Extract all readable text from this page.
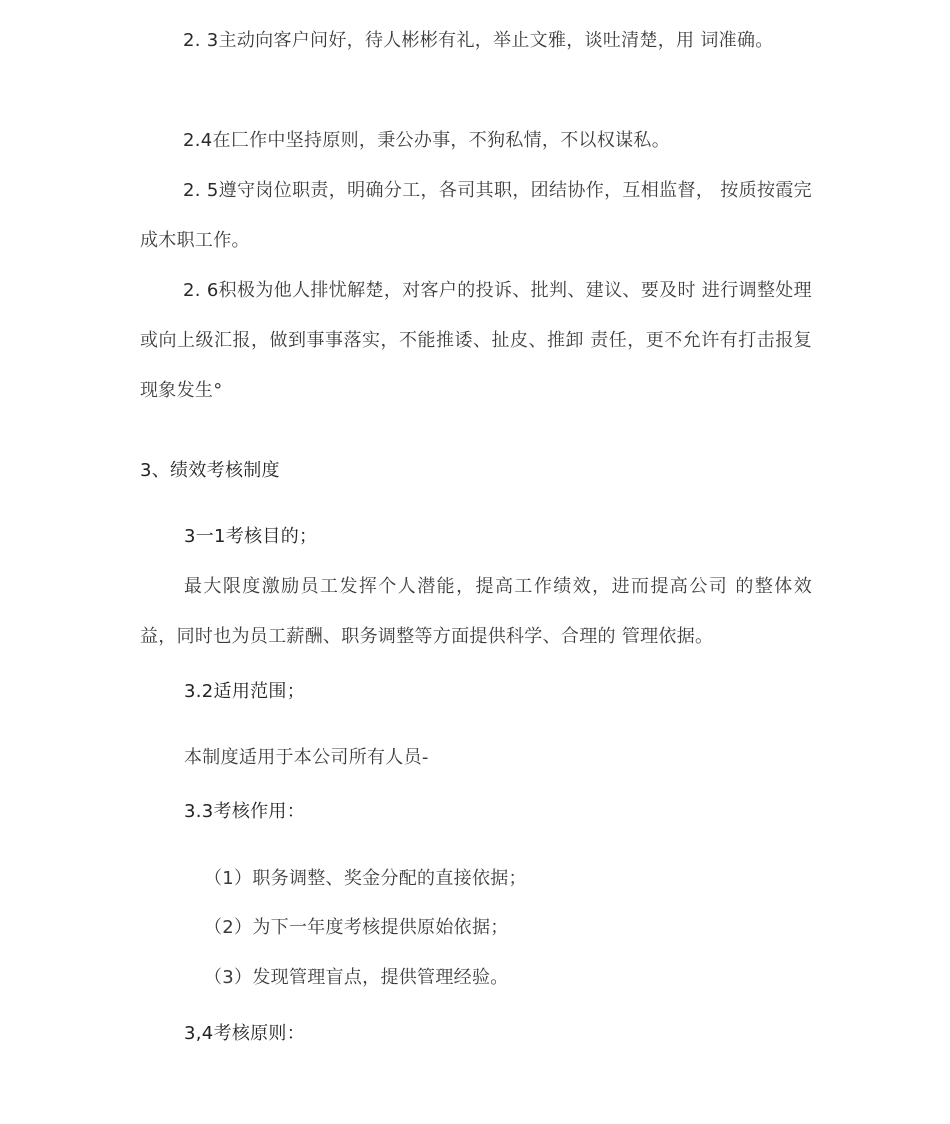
2. 3主动向客户问好，待人彬彬有礼，举止文雅，谈吐清楚，用 词准确。
2.4在匚作中坚持原则，秉公办事，不狗私情，不以权谋私。
2. 5遵守岗位职责，明确分工，各司其职，团结协作，互相监督， 按质按霞完成木职工作。
2. 6积极为他人排忧解楚，对客户的投诉、批判、建议、要及时 进行调整处理或向上级汇报，做到事事落实，不能推诿、扯皮、推卸 责任，更不允许有打击报复现象发生°
3、绩效考核制度
3一1考核目的；
最大限度激励员工发挥个人潜能，提高工作绩效，进而提高公司 的整体效益，同时也为员工薪酬、职务调整等方面提供科学、合理的 管理依据。
3.2适用范围；
本制度适用于本公司所有人员-
3.3考核作用：
（1）职务调整、奖金分配的直接依据；
（2）为下一年度考核提供原始依据；
（3）发现管理盲点，提供管理经验。
3,4考核原则：
